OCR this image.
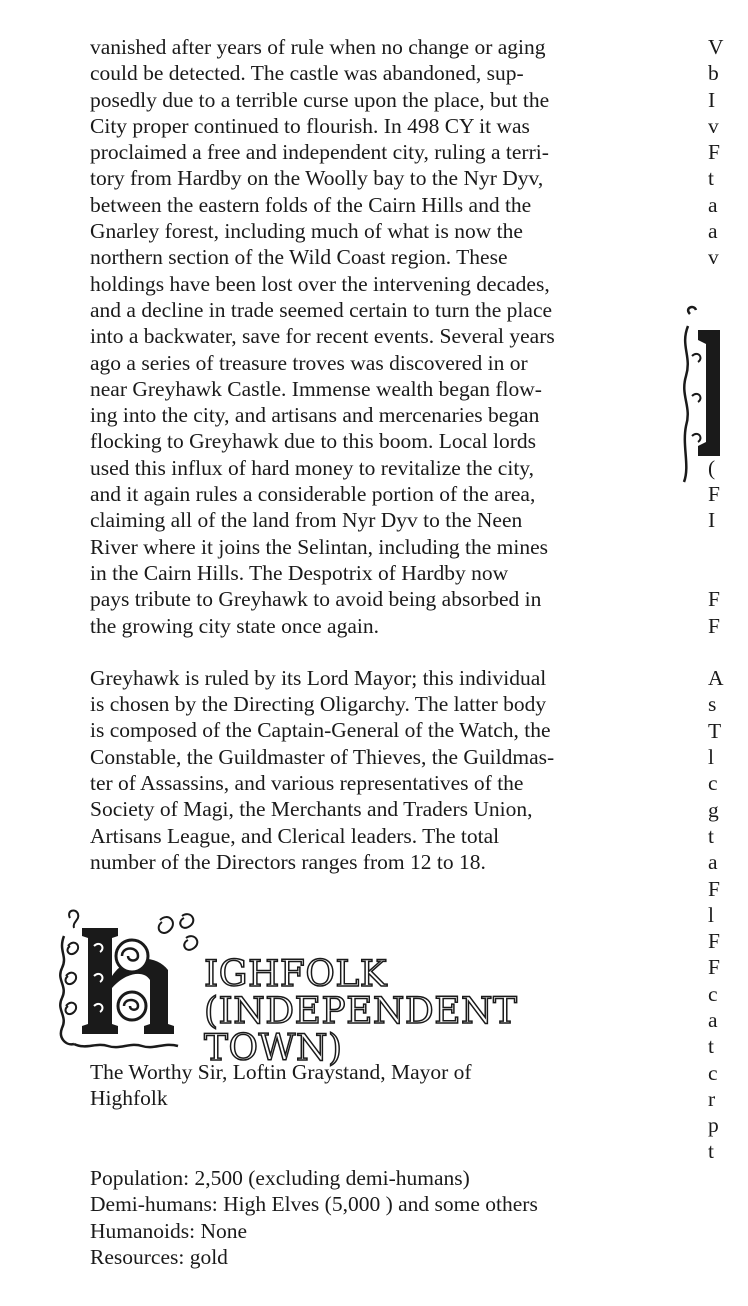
vanished after years of rule when no change or aging
could be detected. The castle was abandoned, sup-
posedly due to a terrible curse upon the place, but the
City proper continued to flourish. In 498 CY it was
proclaimed a free and independent city, ruling a terri-
tory from Hardby on the Woolly bay to the Nyr Dyv,
between the eastern folds of the Cairn Hills and the
Gnarley forest, including much of what is now the
northern section of the Wild Coast region. These
holdings have been lost over the intervening decades,
and a decline in trade seemed certain to turn the place
into a backwater, save for recent events. Several years
ago a series of treasure troves was discovered in or
near Greyhawk Castle. Immense wealth began flow-
ing into the city, and artisans and mercenaries began
flocking to Greyhawk due to this boom. Local lords
used this influx of hard money to revitalize the city,
and it again rules a considerable portion of the area,
claiming all of the land from Nyr Dyv to the Neen
River where it joins the Selintan, including the mines
in the Cairn Hills. The Despotrix of Hardby now
pays tribute to Greyhawk to avoid being absorbed in
the growing city state once again.
Greyhawk is ruled by its Lord Mayor; this individual
is chosen by the Directing Oligarchy. The latter body
is composed of the Captain-General of the Watch, the
Constable, the Guildmaster of Thieves, the Guildmas-
ter of Assassins, and various representatives of the
Society of Magi, the Merchants and Traders Union,
Artisans League, and Clerical leaders. The total
number of the Directors ranges from 12 to 18.
IGHFOLK
(INDEPENDENT
TOWN)
The Worthy Sir, Loftin Graystand, Mayor of
Highfolk
Population: 2,500 (excluding demi-humans)
Demi-humans: High Elves (5,000 ) and some others
Humanoids: None
Resources: gold
V
b
I
v
F
t
a
a
v

(
F
I

F
F

A
s
T
l
c
g
t
a
F
l
F
F
c
a
t
c
r
p
t
